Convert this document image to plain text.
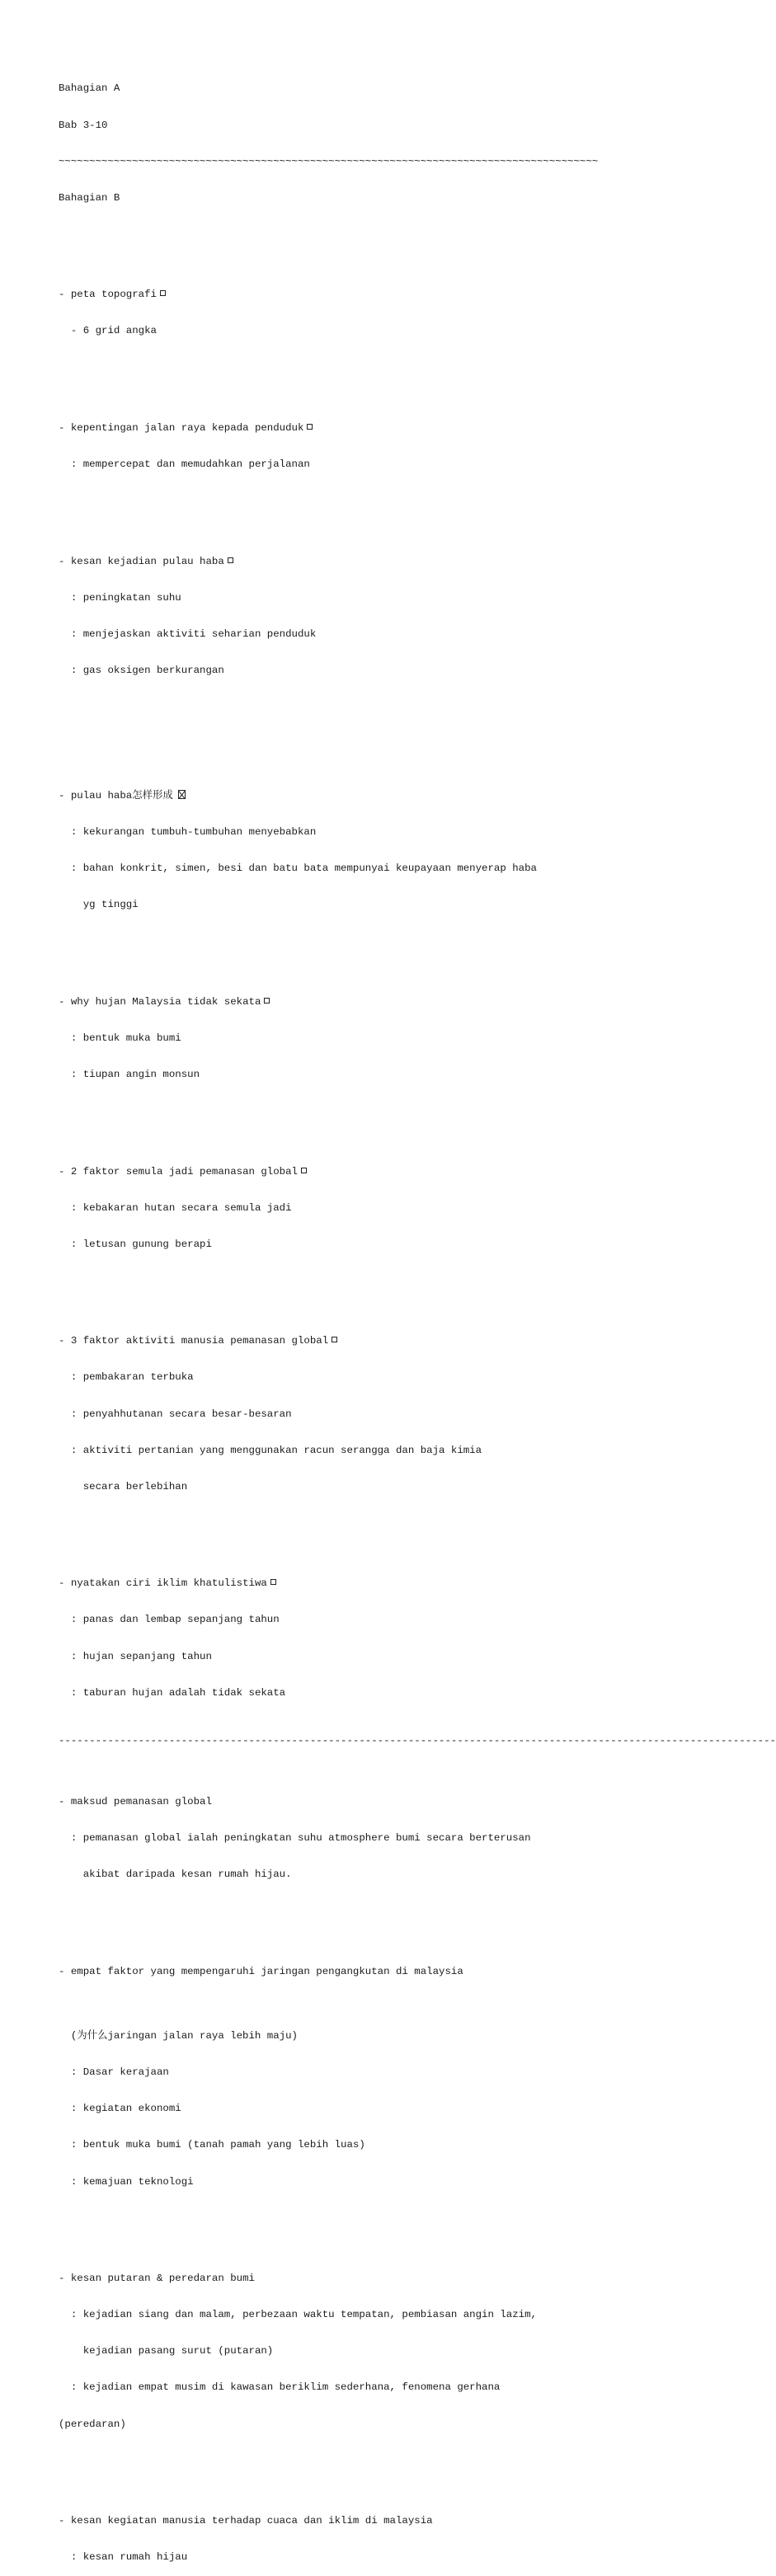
Bahagian A

Bab 3-10

~~~~~~~~~~~~~~~~~~~~~~~~~~~~~~~~~~~~~~~~~~~~~~~~~~~~~~~~~~~~~~~~~~~~~~~~~~~~~~~~~~~~~~~~

Bahagian B

- peta topografi

- 6 grid angka

- kepentingan jalan raya kepada penduduk

: mempercepat dan memudahkan perjalanan

- kesan kejadian pulau haba

: peningkatan suhu

: menjejaskan aktiviti seharian penduduk

: gas oksigen berkurangan

- pulau haba怎样形成

: kekurangan tumbuh-tumbuhan menyebabkan

: bahan konkrit, simen, besi dan batu bata mempunyai keupayaan menyerap haba

yg tinggi

- why hujan Malaysia tidak sekata

: bentuk muka bumi

: tiupan angin monsun

- 2 faktor semula jadi pemanasan global

: kebakaran hutan secara semula jadi

: letusan gunung berapi

- 3 faktor aktiviti manusia pemanasan global

: pembakaran terbuka

: penyahhutanan secara besar-besaran

: aktiviti pertanian yang menggunakan racun serangga dan baja kimia

secara berlebihan

- nyatakan ciri iklim khatulistiwa

: panas dan lembap sepanjang tahun

: hujan sepanjang tahun

: taburan hujan adalah tidak sekata

---------------------------------------------------------------------------------------------------------------------

- maksud pemanasan global

: pemanasan global ialah peningkatan suhu atmosphere bumi secara berterusan

akibat daripada kesan rumah hijau.

- empat faktor yang mempengaruhi jaringan pengangkutan di malaysia

(为什么jaringan jalan raya lebih maju)

: Dasar kerajaan

: kegiatan ekonomi

: bentuk muka bumi (tanah pamah yang lebih luas)

: kemajuan teknologi

- kesan putaran & peredaran bumi

: kejadian siang dan malam, perbezaan waktu tempatan, pembiasan angin lazim,

kejadian pasang surut (putaran)

: kejadian empat musim di kawasan beriklim sederhana, fenomena gerhana

(peredaran)

- kesan kegiatan manusia terhadap cuaca dan iklim di malaysia

: kesan rumah hijau
